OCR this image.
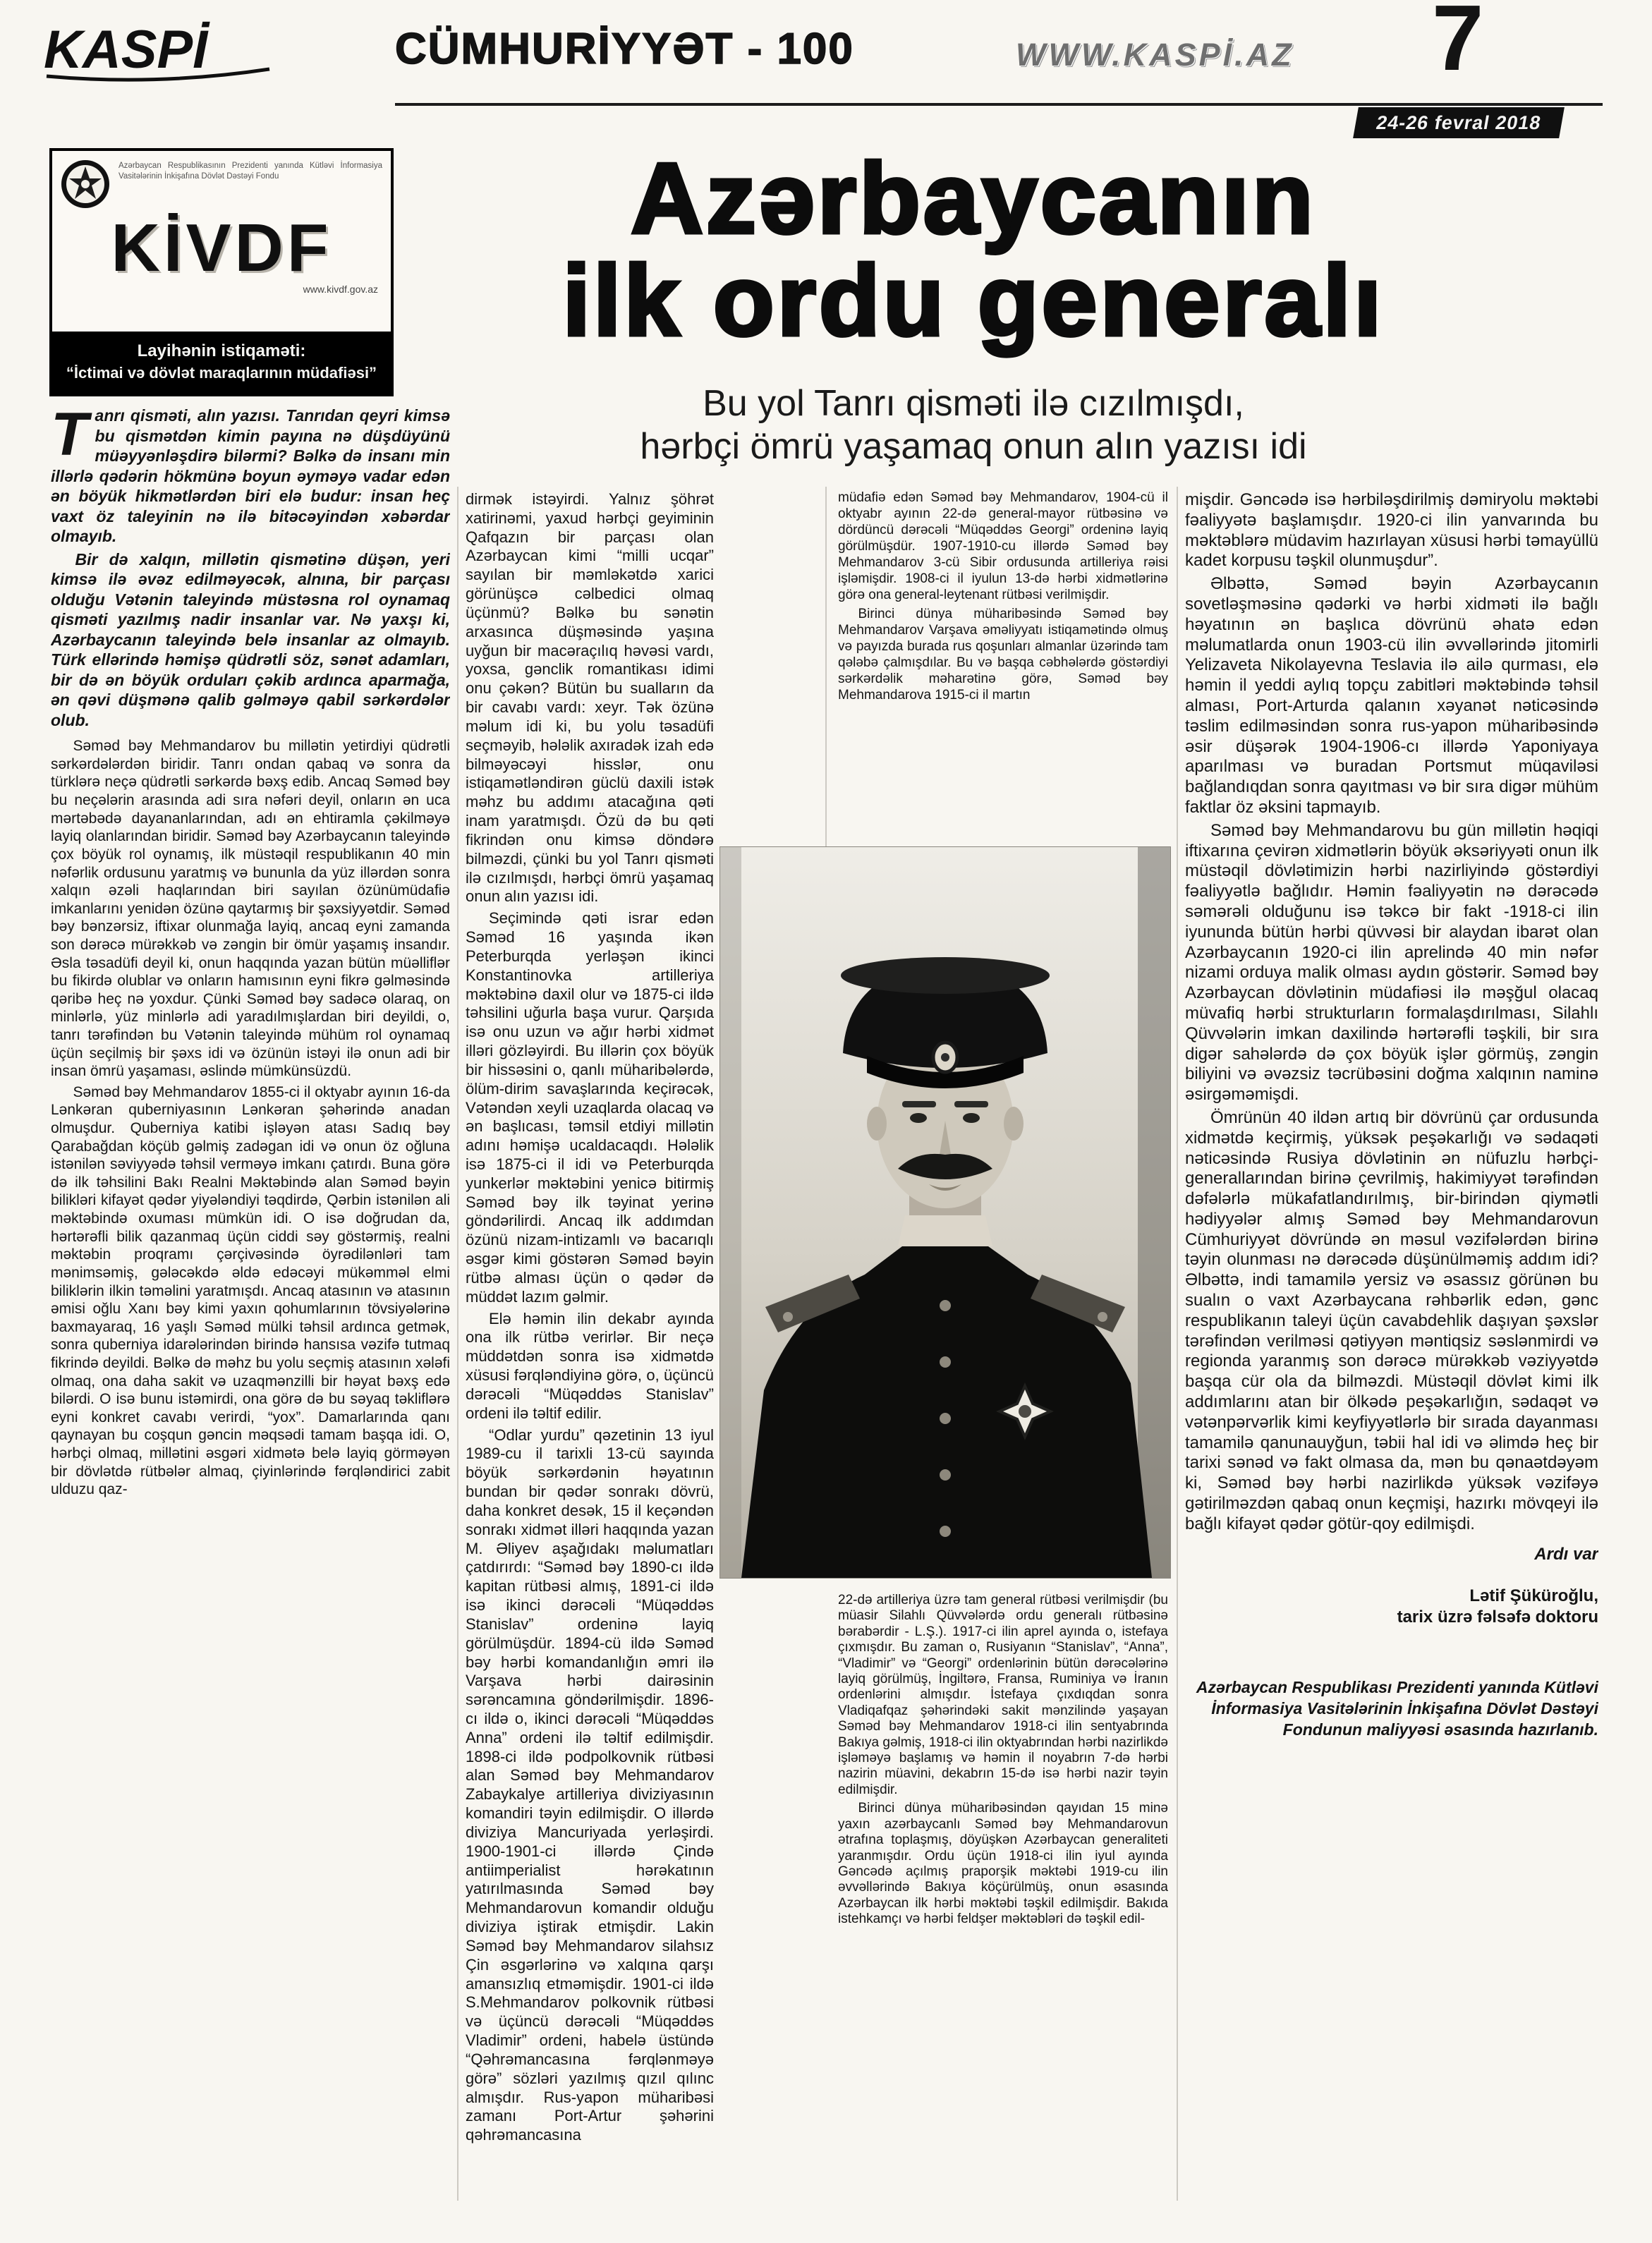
KASPİ	CÜMHURİYYƏT - 100	WWW.KASPİ.AZ 7
24-26 fevral 2018
Azərbaycan Respublikasının Prezidenti yanında Kütləvi İnformasiya Vasitələrinin İnkişafına Dövlət Dəstəyi Fondu
KİVDF
www.kivdf.gov.az
Layihənin istiqaməti:
“İctimai və dövlət maraqlarının müdafiəsi”
Azərbaycanın
ilk ordu generalı
Bu yol Tanrı qisməti ilə cızılmışdı,
hərbçi ömrü yaşamaq onun alın yazısı idi

Tanrı qisməti, alın yazısı. Tanrıdan qeyri kimsə bu qismətdən kimin payına nə düşdüyünü müəyyənləşdirə bilərmi? Bəlkə də insanı min illərlə qədərin hökmünə boyun əyməyə vadar edən ən böyük hikmətlərdən biri elə budur: insan heç vaxt öz taleyinin nə ilə bitəcəyindən xəbərdar olmayıb.

Bir də xalqın, millətin qismətinə düşən, yeri kimsə ilə əvəz edilməyəcək, alnına, bir parçası olduğu Vətənin taleyində müstəsna rol oynamaq qisməti yazılmış nadir insanlar var. Nə yaxşı ki, Azərbaycanın taleyində belə insanlar az olmayıb. Türk ellərində həmişə qüdrətli söz, sənət adamları, bir də ən böyük orduları çəkib ardınca aparmağa, ən qəvi düşmənə qalib gəlməyə qabil sərkərdələr olub.

Səməd bəy Mehmandarov bu millətin yetirdiyi qüdrətli sərkərdələrdən biridir. Tanrı ondan qabaq və sonra da türklərə neçə qüdrətli sərkərdə bəxş edib. Ancaq Səməd bəy bu neçələrin arasında adi sıra nəfəri deyil, onların ən uca mərtəbədə dayananlarından, adı ən ehtiramla çəkilməyə layiq olanlarından biridir. Səməd bəy Azərbaycanın taleyində çox böyük rol oynamış, ilk müstəqil respublikanın 40 min nəfərlik ordusunu yaratmış və bununla da yüz illərdən sonra xalqın əzəli haqlarından biri sayılan özünümüdafiə imkanlarını yenidən özünə qaytarmış bir şəxsiyyətdir. Səməd bəy bənzərsiz, iftixar olunmağa layiq, ancaq eyni zamanda son dərəcə mürəkkəb və zəngin bir ömür yaşamış insandır. Əsla təsadüfi deyil ki, onun haqqında yazan bütün müəlliflər bu fikirdə olublar və onların hamısının eyni fikrə gəlməsində qəribə heç nə yoxdur. Çünki Səməd bəy sadəcə olaraq, on minlərlə, yüz minlərlə adi yaradılmışlardan biri deyildi, o, tanrı tərəfindən bu Vətənin taleyində mühüm rol oynamaq üçün seçilmiş bir şəxs idi və özünün istəyi ilə onun adi bir insan ömrü yaşaması, əslində mümkünsüzdü.

Səməd bəy Mehmandarov 1855-ci il oktyabr ayının 16-da Lənkəran quberniyasının Lənkəran şəhərində anadan olmuşdur. Quberniya katibi işləyən atası Sadıq bəy Qarabağdan köçüb gəlmiş zadəgan idi və onun öz oğluna istənilən səviyyədə təhsil verməyə imkanı çatırdı. Buna görə də ilk təhsilini Bakı Realni Məktəbində alan Səməd bəyin bilikləri kifayət qədər yiyələndiyi təqdirdə, Qərbin istənilən ali məktəbində oxuması mümkün idi. O isə doğrudan da, hərtərəfli bilik qazanmaq üçün ciddi səy göstərmiş, realni məktəbin proqramı çərçivəsində öyrədilənləri tam mənimsəmiş, gələcəkdə əldə edəcəyi mükəmməl elmi biliklərin ilkin təməlini yaratmışdı. Ancaq atasının və atasının əmisi oğlu Xanı bəy kimi yaxın qohumlarının tövsiyələrinə baxmayaraq, 16 yaşlı Səməd mülki təhsil ardınca getmək, sonra quberniya idarələrindən birində hansısa vəzifə tutmaq fikrində deyildi. Bəlkə də məhz bu yolu seçmiş atasının xələfi olmaq, ona daha sakit və uzaqmənzilli bir həyat bəxş edə bilərdi. O isə bunu istəmirdi, ona görə də bu səyaq təkliflərə eyni konkret cavabı verirdi, “yox”. Damarlarında qanı qaynayan bu coşqun gəncin məqsədi tamam başqa idi. O, hərbçi olmaq, millətini əsgəri xidmətə belə layiq görməyən bir dövlətdə rütbələr almaq, çiyinlərində fərqləndirici zabit ulduzu qaz-

dirmək istəyirdi. Yalnız şöhrət xatirinəmi, yaxud hərbçi geyiminin Qafqazın bir parçası olan Azərbaycan kimi “milli ucqar” sayılan bir məmləkətdə xarici görünüşcə cəlbedici olmaq üçünmü? Bəlkə bu sənətin arxasınca düşməsində yaşına uyğun bir macəraçılıq həvəsi vardı, yoxsa, gənclik romantikası idimi onu çəkən? Bütün bu sualların da bir cavabı vardı: xeyr. Tək özünə məlum idi ki, bu yolu təsadüfi seçməyib, hələlik axıradək izah edə bilməyəcəyi hisslər, onu istiqamətləndirən güclü daxili istək məhz bu addımı atacağına qəti inam yaratmışdı. Özü də bu qəti fikrindən onu kimsə döndərə bilməzdi, çünki bu yol Tanrı qisməti ilə cızılmışdı, hərbçi ömrü yaşamaq onun alın yazısı idi.

Seçimində qəti israr edən Səməd 16 yaşında ikən Peterburqda yerləşən ikinci Konstantinovka artilleriya məktəbinə daxil olur və 1875-ci ildə təhsilini uğurla başa vurur. Qarşıda isə onu uzun və ağır hərbi xidmət illəri gözləyirdi. Bu illərin çox böyük bir hissəsini o, qanlı müharibələrdə, ölüm-dirim savaşlarında keçirəcək, Vətəndən xeyli uzaqlarda olacaq və ən başlıcası, təmsil etdiyi millətin adını həmişə ucaldacaqdı. Hələlik isə 1875-ci il idi və Peterburqda yunkerlər məktəbini yenicə bitirmiş Səməd bəy ilk təyinat yerinə göndərilirdi. Ancaq ilk addımdan özünü nizam-intizamlı və bacarıqlı əsgər kimi göstərən Səməd bəyin rütbə alması üçün o qədər də müddət lazım gəlmir.

Elə həmin ilin dekabr ayında ona ilk rütbə verirlər. Bir neçə müddətdən sonra isə xidmətdə xüsusi fərqləndiyinə görə, o, üçüncü dərəcəli “Müqəddəs Stanislav” ordeni ilə təltif edilir.

“Odlar yurdu” qəzetinin 13 iyul 1989-cu il tarixli 13-cü sayında böyük sərkərdənin həyatının bundan bir qədər sonrakı dövrü, daha konkret desək, 15 il keçəndən sonrakı xidmət illəri haqqında yazan M. Əliyev aşağıdakı məlumatları çatdırırdı: “Səməd bəy 1890-cı ildə kapitan rütbəsi almış, 1891-ci ildə isə ikinci dərəcəli “Müqəddəs Stanislav” ordeninə layiq görülmüşdür. 1894-cü ildə Səməd bəy hərbi komandanlığın əmri ilə Varşava hərbi dairəsinin sərəncamına göndərilmişdir. 1896-cı ildə o, ikinci dərəcəli “Müqəddəs Anna” ordeni ilə təltif edilmişdir. 1898-ci ildə podpolkovnik rütbəsi alan Səməd bəy Mehmandarov Zabaykalye artilleriya diviziyasının komandiri təyin edilmişdir. O illərdə diviziya Mancuriyada yerləşirdi. 1900-1901-ci illərdə Çində antiimperialist hərəkatının yatırılmasında Səməd bəy Mehmandarovun komandir olduğu diviziya iştirak etmişdir. Lakin Səməd bəy Mehmandarov silahsız Çin əsgərlərinə və xalqına qarşı amansızlıq etməmişdir. 1901-ci ildə S.Mehmandarov polkovnik rütbəsi və üçüncü dərəcəli “Müqəddəs Vladimir” ordeni, habelə üstündə “Qəhrəmancasına fərqlənməyə görə” sözləri yazılmış qızıl qılınc almışdır. Rus-yapon müharibəsi zamanı Port-Artur şəhərini qəhrəmancasına

müdafiə edən Səməd bəy Mehmandarov, 1904-cü il oktyabr ayının 22-də general-mayor rütbəsinə və dördüncü dərəcəli “Müqəddəs Georgi” ordeninə layiq görülmüşdür. 1907-1910-cu illərdə Səməd bəy Mehmandarov 3-cü Sibir ordusunda artilleriya rəisi işləmişdir. 1908-ci il iyulun 13-də hərbi xidmətlərinə görə ona general-leytenant rütbəsi verilmişdir.

Birinci dünya müharibəsində Səməd bəy Mehmandarov Varşava əməliyyatı istiqamətində olmuş və payızda burada rus qoşunları almanlar üzərində tam qələbə çalmışdılar. Bu və başqa cəbhələrdə göstərdiyi sərkərdəlik məharətinə görə, Səməd bəy Mehmandarova 1915-ci il martın

22-də artilleriya üzrə tam general rütbəsi verilmişdir (bu müasir Silahlı Qüvvələrdə ordu generalı rütbəsinə bərabərdir - L.Ş.). 1917-ci ilin aprel ayında o, istefaya çıxmışdır. Bu zaman o, Rusiyanın “Stanislav”, “Anna”, “Vladimir” və “Georgi” ordenlərinin bütün dərəcələrinə layiq görülmüş, İngiltərə, Fransa, Ruminiya və İranın ordenlərini almışdır. İstefaya çıxdıqdan sonra Vladiqafqaz şəhərindəki sakit mənzilində yaşayan Səməd bəy Mehmandarov 1918-ci ilin sentyabrında Bakıya gəlmiş, 1918-ci ilin oktyabrından hərbi nazirlikdə işləməyə başlamış və həmin il noyabrın 7-də hərbi nazirin müavini, dekabrın 15-də isə hərbi nazir təyin edilmişdir.

Birinci dünya müharibəsindən qayıdan 15 minə yaxın azərbaycanlı Səməd bəy Mehmandarovun ətrafına toplaşmış, döyüşkən Azərbaycan generaliteti yaranmışdır. Ordu üçün 1918-ci ilin iyul ayında Gəncədə açılmış praporşik məktəbi 1919-cu ilin əvvəllərində Bakıya köçürülmüş, onun əsasında Azərbaycan ilk hərbi məktəbi təşkil edilmişdir. Bakıda istehkamçı və hərbi feldşer məktəbləri də təşkil edil-

mişdir. Gəncədə isə hərbiləşdirilmiş dəmiryolu məktəbi fəaliyyətə başlamışdır. 1920-ci ilin yanvarında bu məktəblərə müdavim hazırlayan xüsusi hərbi təmayüllü kadet korpusu təşkil olunmuşdur”.

Əlbəttə, Səməd bəyin Azərbaycanın sovetləşməsinə qədərki və hərbi xidməti ilə bağlı həyatının ən başlıca dövrünü əhatə edən məlumatlarda onun 1903-cü ilin əvvəllərində jitomirli Yelizaveta Nikolayevna Teslavia ilə ailə qurması, elə həmin il yeddi aylıq topçu zabitləri məktəbində təhsil alması, Port-Arturda qalanın xəyanət nəticəsində təslim edilməsindən sonra rus-yapon müharibəsində əsir düşərək 1904-1906-cı illərdə Yaponiyaya aparılması və buradan Portsmut müqaviləsi bağlandıqdan sonra qayıtması və bir sıra digər mühüm faktlar öz əksini tapmayıb.

Səməd bəy Mehmandarovu bu gün millətin həqiqi iftixarına çevirən xidmətlərin böyük əksəriyyəti onun ilk müstəqil dövlətimizin hərbi nazirliyində göstərdiyi fəaliyyətlə bağlıdır. Həmin fəaliyyətin nə dərəcədə səmərəli olduğunu isə təkcə bir fakt -1918-ci ilin iyununda bütün hərbi qüvvəsi bir alaydan ibarət olan Azərbaycanın 1920-ci ilin aprelində 40 min nəfər nizami orduya malik olması aydın göstərir. Səməd bəy Azərbaycan dövlətinin müdafiəsi ilə məşğul olacaq müvafiq hərbi strukturların formalaşdırılması, Silahlı Qüvvələrin imkan daxilində hərtərəfli təşkili, bir sıra digər sahələrdə də çox böyük işlər görmüş, zəngin biliyini və əvəzsiz təcrübəsini doğma xalqının naminə əsirgəməmişdi.

Ömrünün 40 ildən artıq bir dövrünü çar ordusunda xidmətdə keçirmiş, yüksək peşəkarlığı və sədaqəti nəticəsində Rusiya dövlətinin ən nüfuzlu hərbçi-generallarından birinə çevrilmiş, hakimiyyət tərəfindən dəfələrlə mükafatlandırılmış, bir-birindən qiymətli hədiyyələr almış Səməd bəy Mehmandarovun Cümhuriyyət dövründə ən məsul vəzifələrdən birinə təyin olunması nə dərəcədə düşünülməmiş addım idi? Əlbəttə, indi tamamilə yersiz və əsassız görünən bu sualın o vaxt Azərbaycana rəhbərlik edən, gənc respublikanın taleyi üçün cavabdehlik daşıyan şəxslər tərəfindən verilməsi qətiyyən məntiqsiz səslənmirdi və regionda yaranmış son dərəcə mürəkkəb vəziyyətdə başqa cür ola da bilməzdi. Müstəqil dövlət kimi ilk addımlarını atan bir ölkədə peşəkarlığın, sədaqət və vətənpərvərlik kimi keyfiyyətlərlə bir sırada dayanması tamamilə qanunauyğun, təbii hal idi və əlimdə heç bir tarixi sənəd və fakt olmasa da, mən bu qənaətdəyəm ki, Səməd bəy hərbi nazirlikdə yüksək vəzifəyə gətirilməzdən qabaq onun keçmişi, hazırkı mövqeyi ilə bağlı kifayət qədər götür-qoy edilmişdi.

Ardı var
Lətif Şüküroğlu,
tarix üzrə fəlsəfə doktoru
Azərbaycan Respublikası Prezidenti yanında Kütləvi İnformasiya Vasitələrinin İnkişafına Dövlət Dəstəyi Fondunun maliyyəsi əsasında hazırlanıb.
